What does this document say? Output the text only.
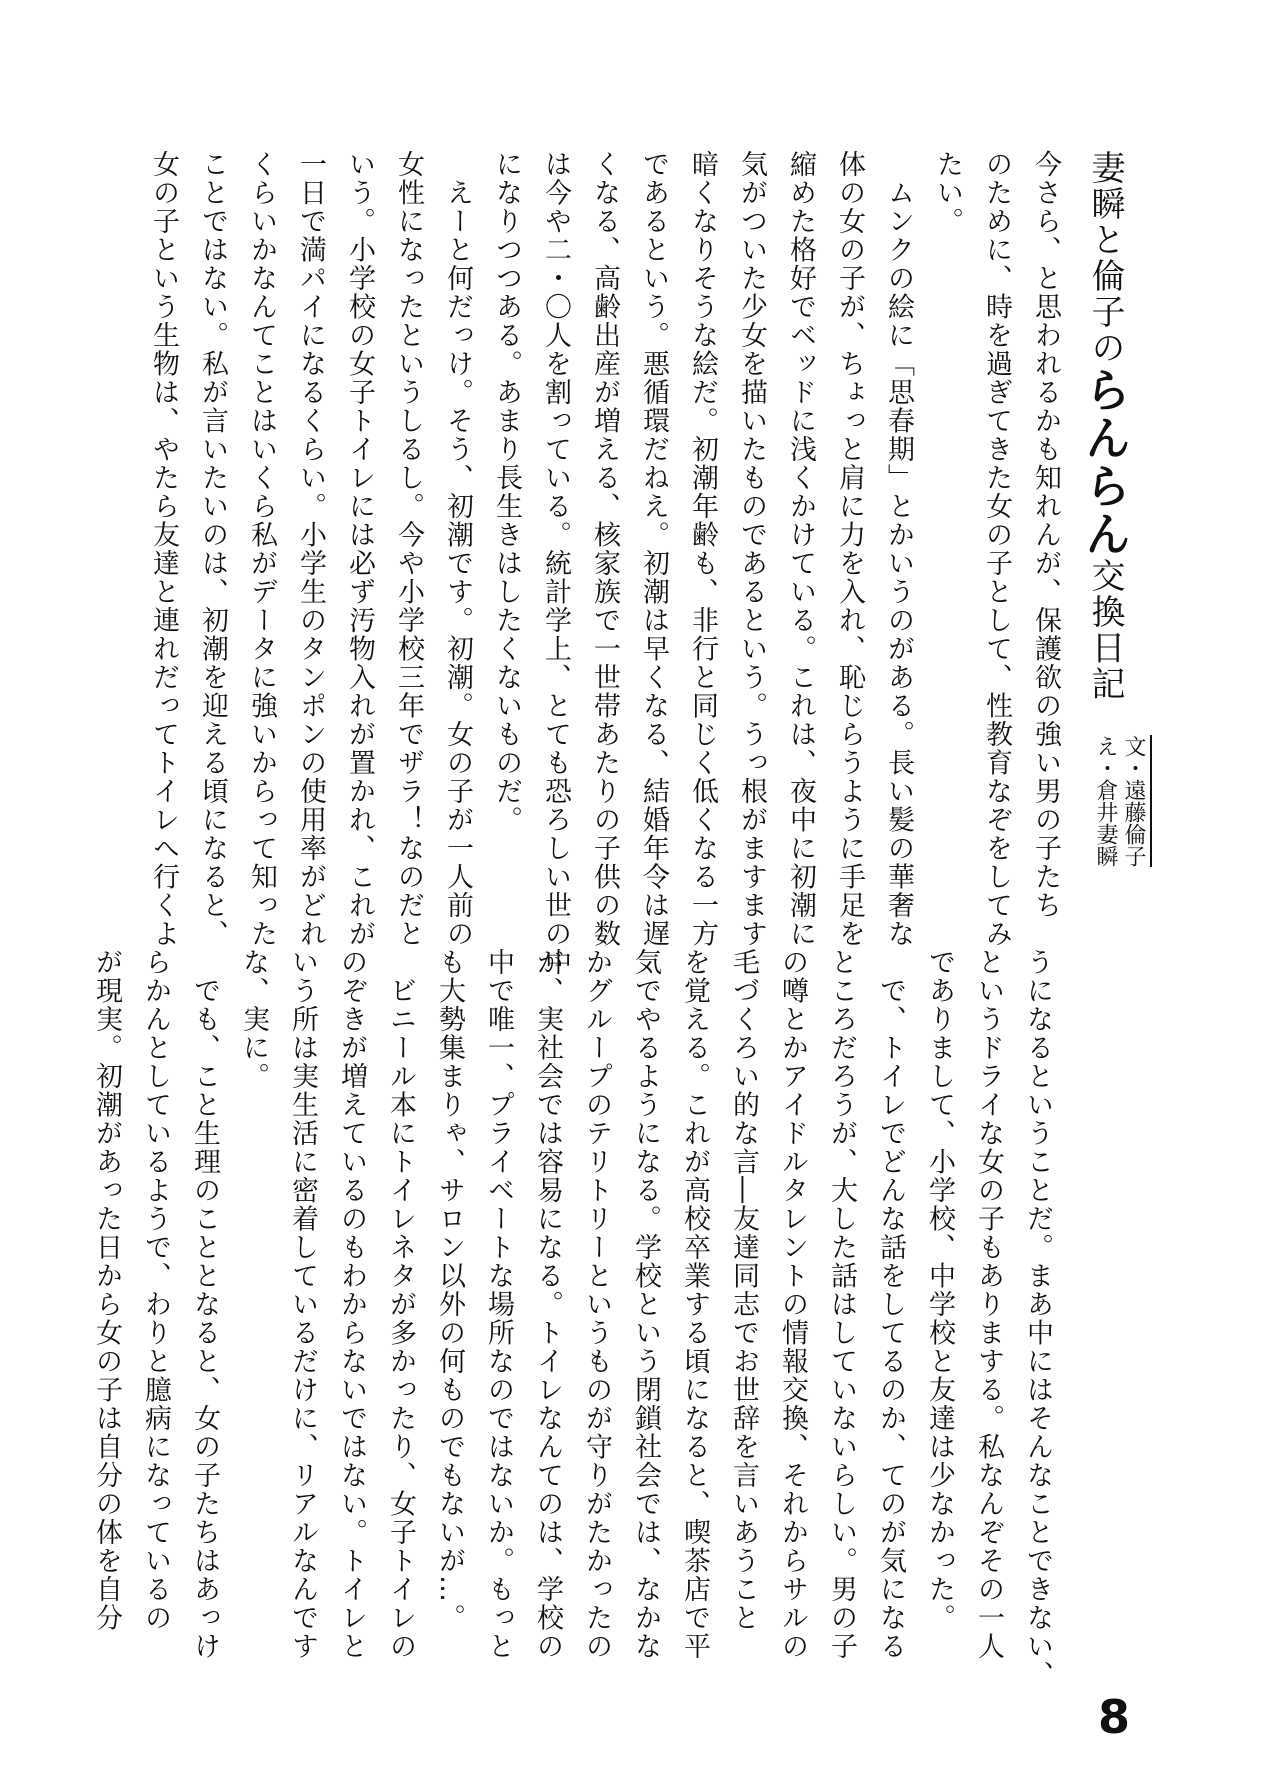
妻瞬と倫子のらんらん交換日記
文・遠藤倫子
え・倉井妻瞬
今さら、と思われるかも知れんが、保護欲の強い男の子たち
のために、時を過ぎてきた女の子として、性教育なぞをしてみ
たい。
　ムンクの絵に「思春期」とかいうのがある。長い髪の華奢な
体の女の子が、ちょっと肩に力を入れ、恥じらうように手足を
縮めた格好でベッドに浅くかけている。これは、夜中に初潮に
気がついた少女を描いたものであるという。うっ根がますます
暗くなりそうな絵だ。初潮年齢も、非行と同じく低くなる一方
であるという。悪循環だねえ。初潮は早くなる、結婚年令は遅
くなる、高齢出産が増える、核家族で一世帯あたりの子供の数
は今や二・〇人を割っている。統計学上、とても恐ろしい世の中
になりつつある。あまり長生きはしたくないものだ。
　えーと何だっけ。そう、初潮です。初潮。女の子が一人前の
女性になったというしるし。今や小学校三年でザラ！なのだと
いう。小学校の女子トイレには必ず汚物入れが置かれ、これが
一日で満パイになるくらい。小学生のタンポンの使用率がどれ
くらいかなんてことはいくら私がデータに強いからって知った
ことではない。私が言いたいのは、初潮を迎える頃になると、
女の子という生物は、やたら友達と連れだってトイレへ行くよ
うになるということだ。まあ中にはそんなことできない、
というドライな女の子もありまする。私なんぞその一人
でありまして、小学校、中学校と友達は少なかった。
　で、トイレでどんな話をしてるのか、てのが気になる
ところだろうが、大した話はしていないらしい。男の子
の噂とかアイドルタレントの情報交換、それからサルの
毛づくろい的な言―友達同志でお世辞を言いあうこと
を覚える。これが高校卒業する頃になると、喫茶店で平
気でやるようになる。学校という閉鎖社会では、なかな
かグループのテリトリーというものが守りがたかったの
が、実社会では容易になる。トイレなんてのは、学校の
中で唯一、プライベートな場所なのではないか。もっと
も大勢集まりゃ、サロン以外の何ものでもないが…。
　ビニール本にトイレネタが多かったり、女子トイレの
のぞきが増えているのもわからないではない。トイレと
いう所は実生活に密着しているだけに、リアルなんです
な、実に。
　でも、こと生理のこととなると、女の子たちはあっけ
らかんとしているようで、わりと臆病になっているの
が現実。初潮があった日から女の子は自分の体を自分
8
